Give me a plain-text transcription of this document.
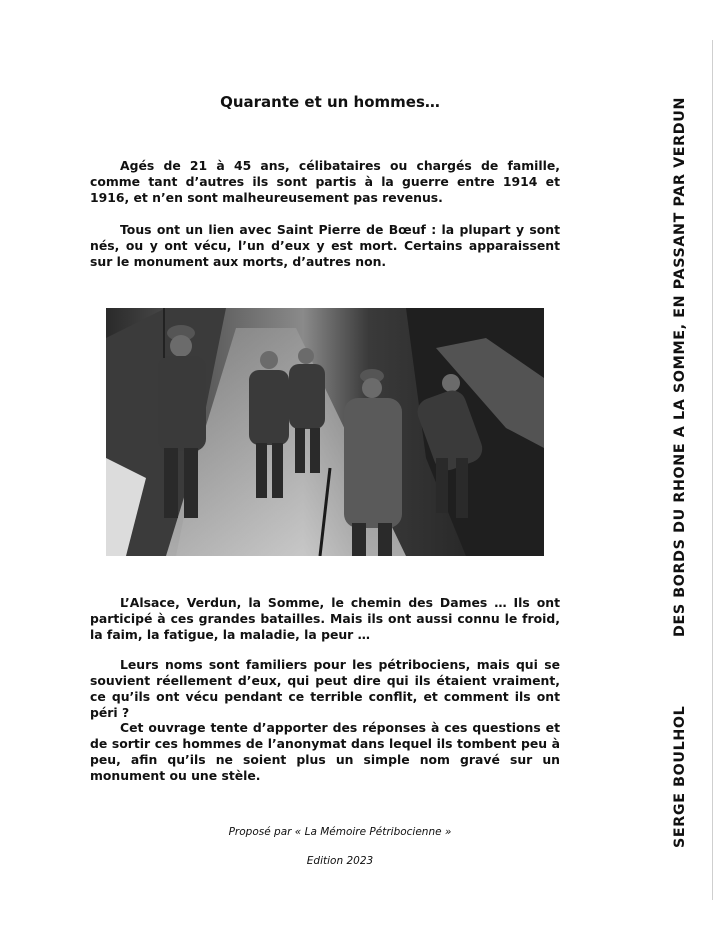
Quarante et un hommes…

Agés de 21 à 45 ans, célibataires ou chargés de famille, comme tant d’autres ils sont partis à la guerre entre 1914 et 1916, et n’en sont malheureusement pas revenus.

Tous ont un lien avec Saint Pierre de Bœuf : la plupart y sont nés, ou y ont vécu, l’un d’eux y est mort. Certains apparaissent sur le monument aux morts, d’autres non.

L’Alsace, Verdun, la Somme, le chemin des Dames … Ils ont participé à ces grandes batailles. Mais ils ont aussi connu le froid, la faim, la fatigue, la maladie, la peur …

Leurs noms sont familiers pour les pétribociens, mais qui se souvient réellement d’eux, qui peut dire qui ils étaient vraiment, ce qu’ils ont vécu pendant ce terrible conflit, et comment ils ont péri ?

Cet ouvrage tente d’apporter des réponses à ces questions et de sortir ces hommes de l’anonymat dans lequel ils tombent peu à peu, afin qu’ils ne soient plus un simple nom gravé sur un monument ou une stèle.

Proposé par « La Mémoire Pétribocienne »
Edition 2023
DES BORDS DU RHONE A LA SOMME, EN PASSANT PAR VERDUN
SERGE BOULHOL
